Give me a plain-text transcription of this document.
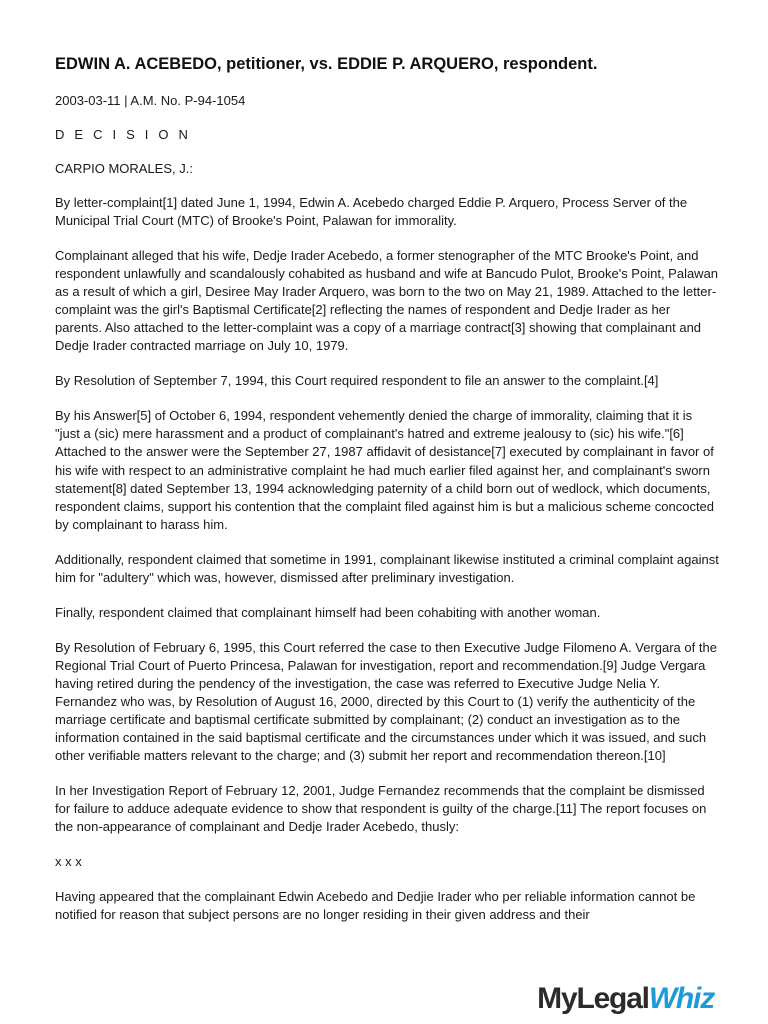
EDWIN A. ACEBEDO, petitioner, vs. EDDIE P. ARQUERO, respondent.

2003-03-11 | A.M. No. P-94-1054

D E C I S I O N

CARPIO MORALES, J.:

By letter-complaint[1] dated June 1, 1994, Edwin A. Acebedo charged Eddie P. Arquero, Process Server of the Municipal Trial Court (MTC) of Brooke's Point, Palawan for immorality.

Complainant alleged that his wife, Dedje Irader Acebedo, a former stenographer of the MTC Brooke's Point, and respondent unlawfully and scandalously cohabited as husband and wife at Bancudo Pulot, Brooke's Point, Palawan as a result of which a girl, Desiree May Irader Arquero, was born to the two on May 21, 1989. Attached to the letter-complaint was the girl's Baptismal Certificate[2] reflecting the names of respondent and Dedje Irader as her parents. Also attached to the letter-complaint was a copy of a marriage contract[3] showing that complainant and Dedje Irader contracted marriage on July 10, 1979.

By Resolution of September 7, 1994, this Court required respondent to file an answer to the complaint.[4]

By his Answer[5] of October 6, 1994, respondent vehemently denied the charge of immorality, claiming that it is "just a (sic) mere harassment and a product of complainant's hatred and extreme jealousy to (sic) his wife."[6] Attached to the answer were the September 27, 1987 affidavit of desistance[7] executed by complainant in favor of his wife with respect to an administrative complaint he had much earlier filed against her, and complainant's sworn statement[8] dated September 13, 1994 acknowledging paternity of a child born out of wedlock, which documents, respondent claims, support his contention that the complaint filed against him is but a malicious scheme concocted by complainant to harass him.

Additionally, respondent claimed that sometime in 1991, complainant likewise instituted a criminal complaint against him for "adultery" which was, however, dismissed after preliminary investigation.

Finally, respondent claimed that complainant himself had been cohabiting with another woman.

By Resolution of February 6, 1995, this Court referred the case to then Executive Judge Filomeno A. Vergara of the Regional Trial Court of Puerto Princesa, Palawan for investigation, report and recommendation.[9] Judge Vergara having retired during the pendency of the investigation, the case was referred to Executive Judge Nelia Y. Fernandez who was, by Resolution of August 16, 2000, directed by this Court to (1) verify the authenticity of the marriage certificate and baptismal certificate submitted by complainant; (2) conduct an investigation as to the information contained in the said baptismal certificate and the circumstances under which it was issued, and such other verifiable matters relevant to the charge; and (3) submit her report and recommendation thereon.[10]

In her Investigation Report of February 12, 2001, Judge Fernandez recommends that the complaint be dismissed for failure to adduce adequate evidence to show that respondent is guilty of the charge.[11] The report focuses on the non-appearance of complainant and Dedje Irader Acebedo, thusly:

x x x

Having appeared that the complainant Edwin Acebedo and Dedjie Irader who per reliable information cannot be notified for reason that subject persons are no longer residing in their given address and their

MyLegalWhiz
